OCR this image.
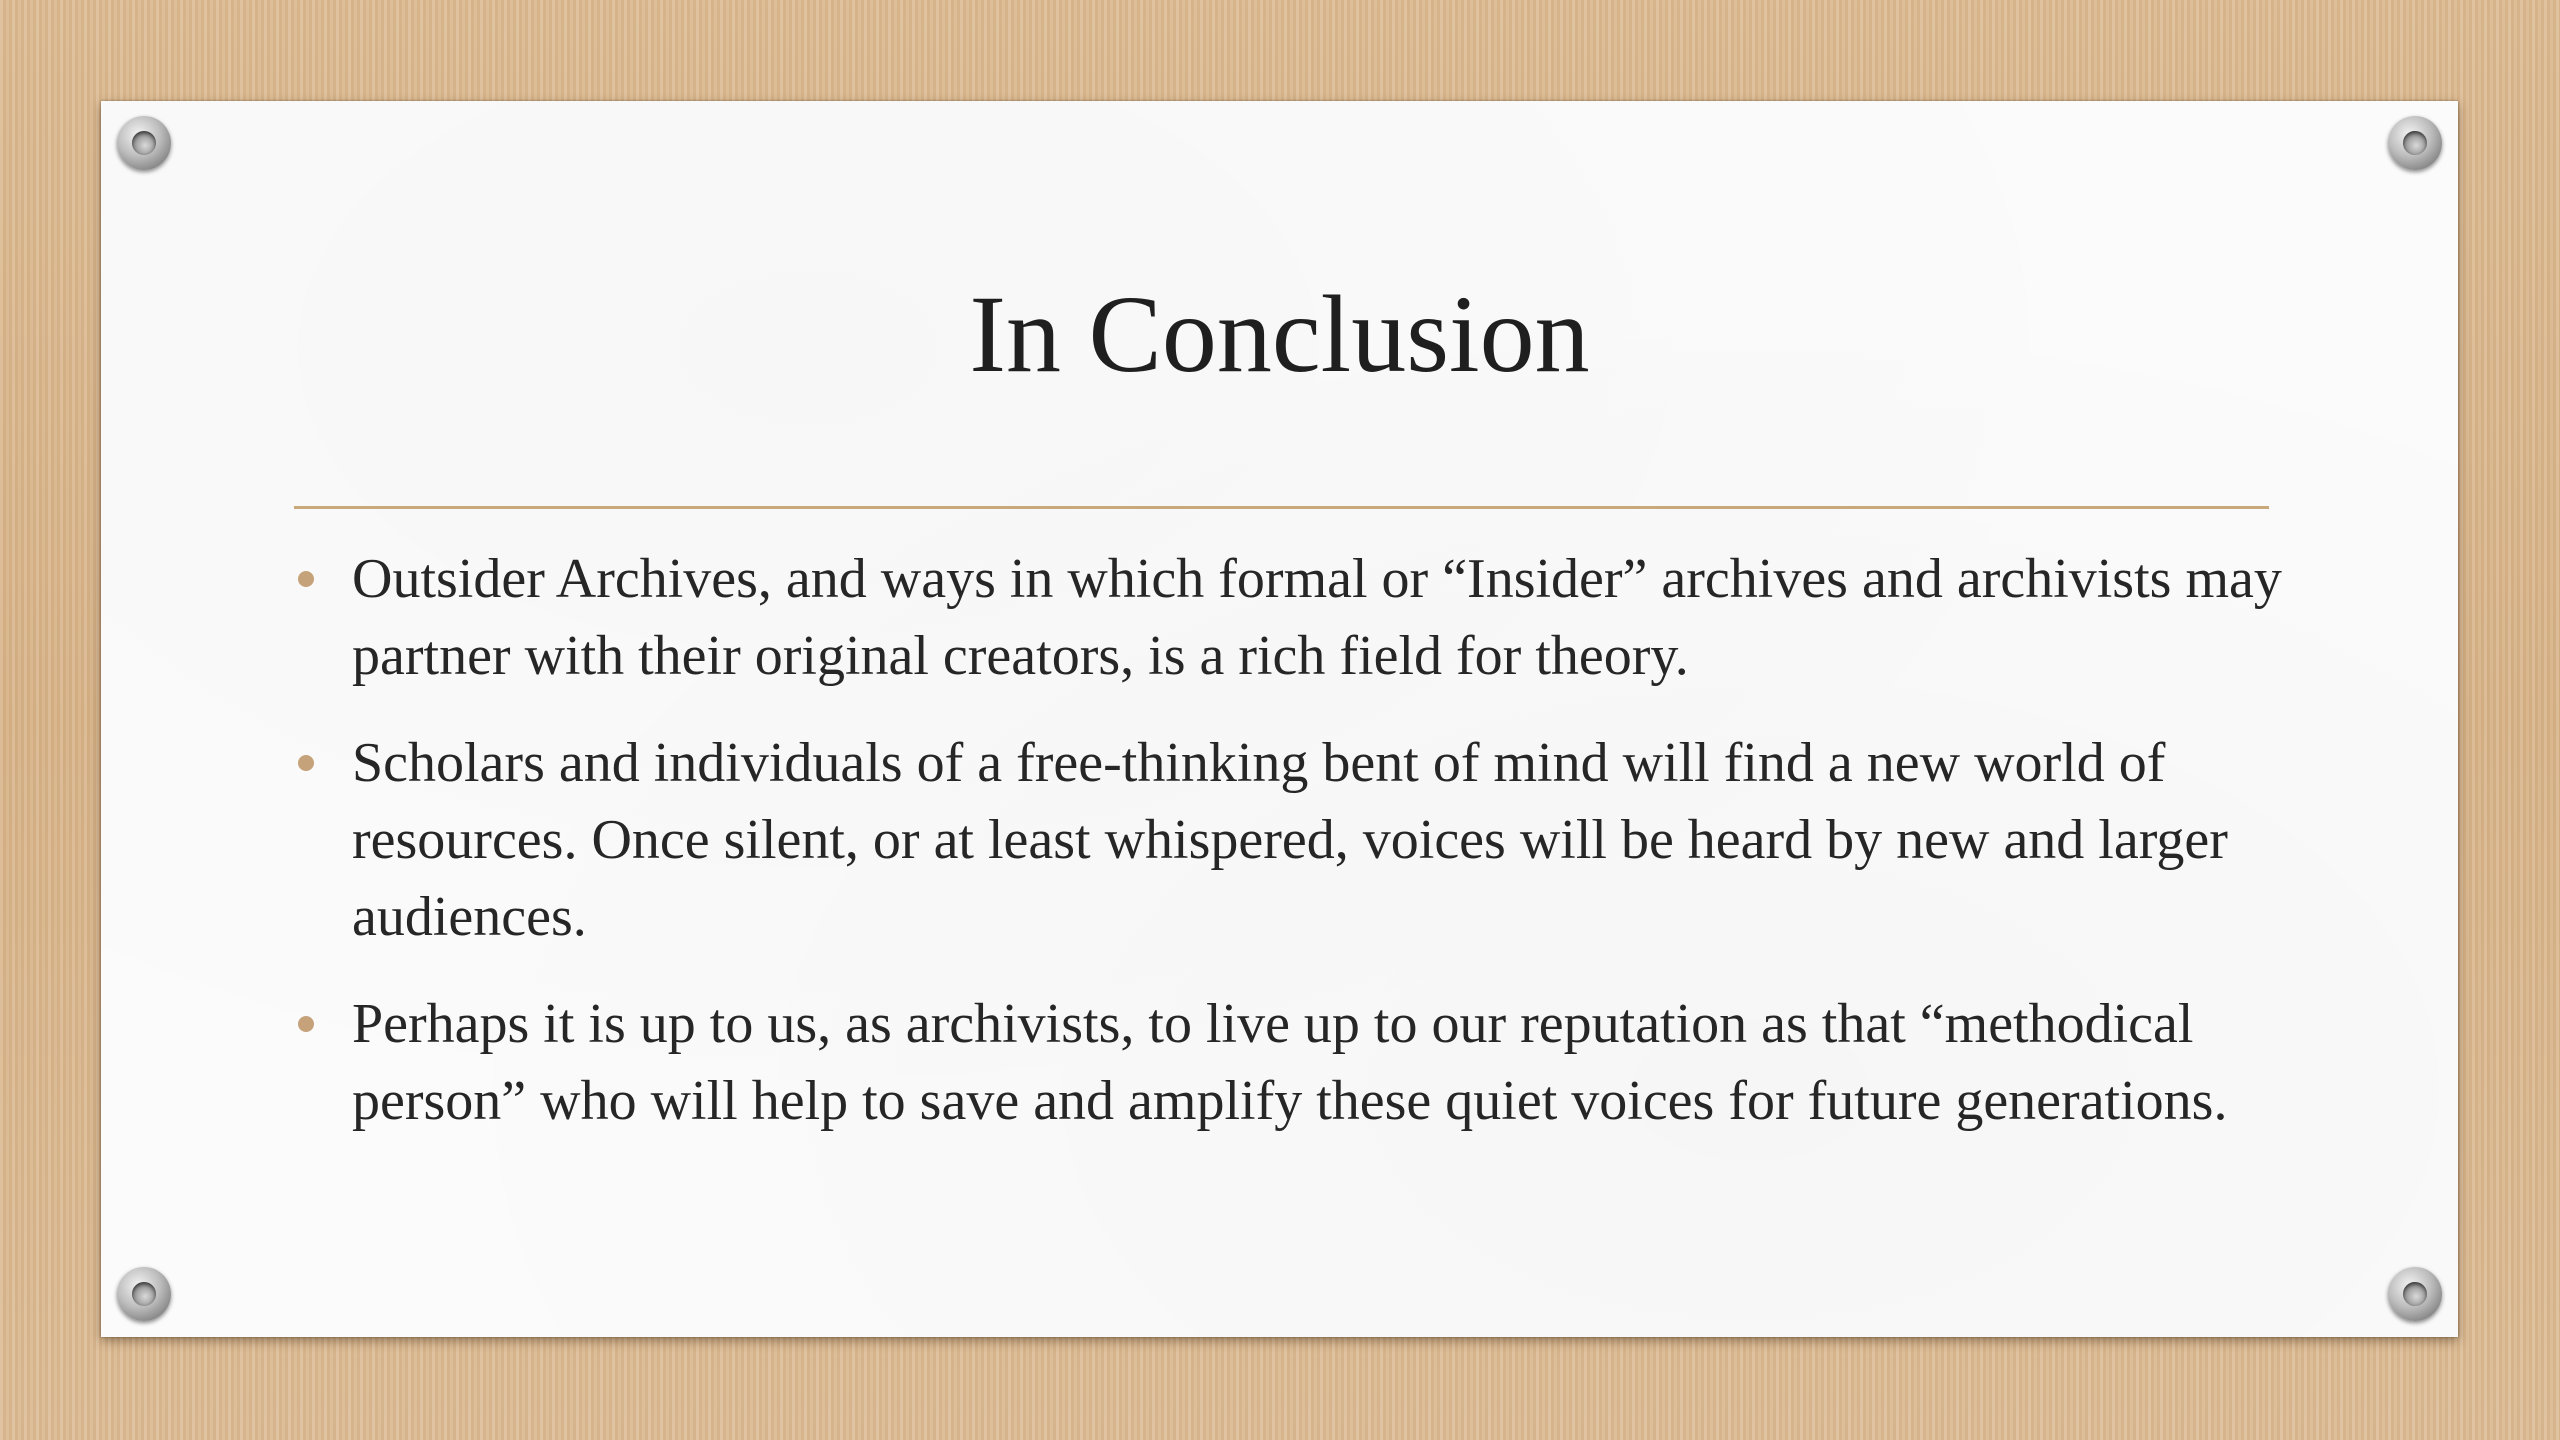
In Conclusion
Outsider Archives, and ways in which formal or “Insider” archives and archivists may partner with their original creators, is a rich field for theory.
Scholars and individuals of a free-thinking bent of mind will find a new world of resources. Once silent, or at least whispered, voices will be heard by new and larger audiences.
Perhaps it is up to us, as archivists, to live up to our reputation as that “methodical person” who will help to save and amplify these quiet voices for future generations.
